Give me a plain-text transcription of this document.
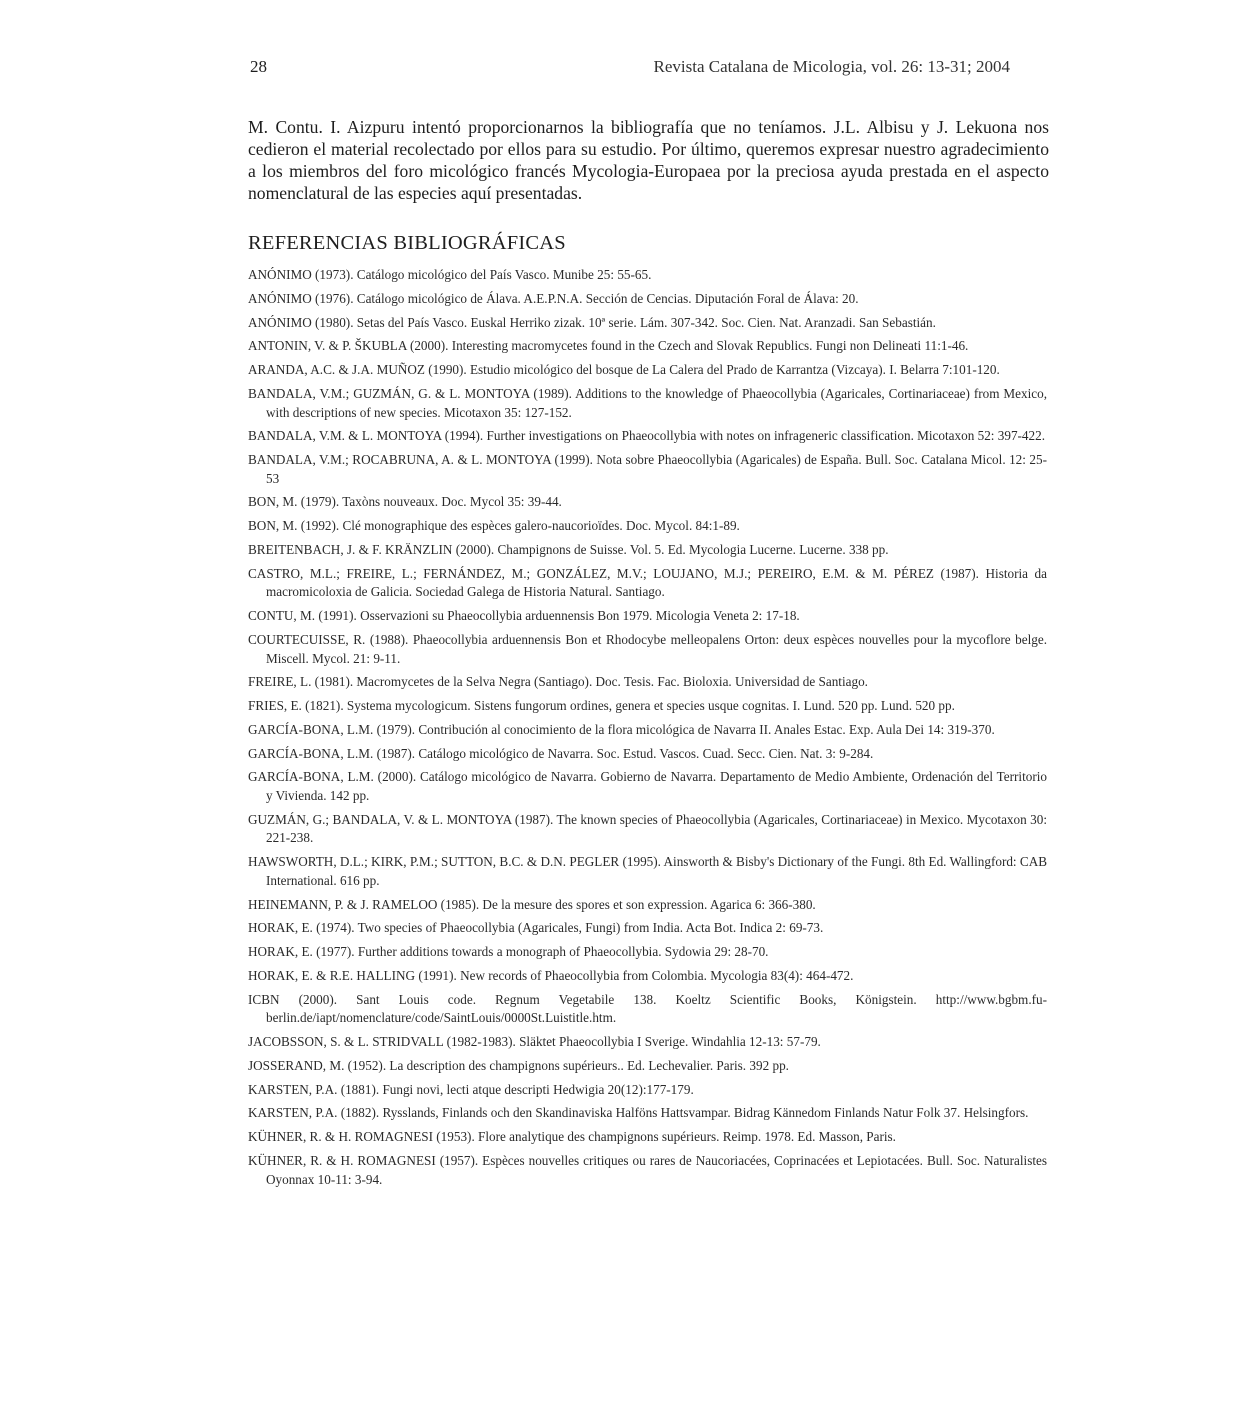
28	Revista Catalana de Micologia, vol. 26: 13-31; 2004

M. Contu. I. Aizpuru intentó proporcionarnos la bibliografía que no teníamos. J.L. Albisu y J. Lekuona nos cedieron el material recolectado por ellos para su estudio. Por último, queremos expresar nuestro agradecimiento a los miembros del foro micológico francés Mycologia-Europaea por la preciosa ayuda prestada en el aspecto nomenclatural de las especies aquí presentadas.

REFERENCIAS BIBLIOGRÁFICAS
ANÓNIMO (1973). Catálogo micológico del País Vasco. Munibe 25: 55-65.
ANÓNIMO (1976). Catálogo micológico de Álava. A.E.P.N.A. Sección de Cencias. Diputación Foral de Álava: 20.
ANÓNIMO (1980). Setas del País Vasco. Euskal Herriko zizak. 10ª serie. Lám. 307-342. Soc. Cien. Nat. Aranzadi. San Sebastián.
ANTONIN, V. & P. ŠKUBLA (2000). Interesting macromycetes found in the Czech and Slovak Republics. Fungi non Delineati 11:1-46.
ARANDA, A.C. & J.A. MUÑOZ (1990). Estudio micológico del bosque de La Calera del Prado de Karrantza (Vizcaya). I. Belarra 7:101-120.
BANDALA, V.M.; GUZMÁN, G. & L. MONTOYA (1989). Additions to the knowledge of Phaeocollybia (Agaricales, Cortinariaceae) from Mexico, with descriptions of new species. Micotaxon 35: 127-152.
BANDALA, V.M. & L. MONTOYA (1994). Further investigations on Phaeocollybia with notes on infrageneric classification. Micotaxon 52: 397-422.
BANDALA, V.M.; ROCABRUNA, A. & L. MONTOYA (1999). Nota sobre Phaeocollybia (Agaricales) de España. Bull. Soc. Catalana Micol. 12: 25-53
BON, M. (1979). Taxòns nouveaux. Doc. Mycol 35: 39-44.
BON, M. (1992). Clé monographique des espèces galero-naucorioïdes. Doc. Mycol. 84:1-89.
BREITENBACH, J. & F. KRÄNZLIN (2000). Champignons de Suisse. Vol. 5. Ed. Mycologia Lucerne. Lucerne. 338 pp.
CASTRO, M.L.; FREIRE, L.; FERNÁNDEZ, M.; GONZÁLEZ, M.V.; LOUJANO, M.J.; PEREIRO, E.M. & M. PÉREZ (1987). Historia da macromicoloxia de Galicia. Sociedad Galega de Historia Natural. Santiago.
CONTU, M. (1991). Osservazioni su Phaeocollybia arduennensis Bon 1979. Micologia Veneta 2: 17-18.
COURTECUISSE, R. (1988). Phaeocollybia arduennensis Bon et Rhodocybe melleopalens Orton: deux espèces nouvelles pour la mycoflore belge. Miscell. Mycol. 21: 9-11.
FREIRE, L. (1981). Macromycetes de la Selva Negra (Santiago). Doc. Tesis. Fac. Bioloxia. Universidad de Santiago.
FRIES, E. (1821). Systema mycologicum. Sistens fungorum ordines, genera et species usque cognitas. I. Lund. 520 pp. Lund. 520 pp.
GARCÍA-BONA, L.M. (1979). Contribución al conocimiento de la flora micológica de Navarra II. Anales Estac. Exp. Aula Dei 14: 319-370.
GARCÍA-BONA, L.M. (1987). Catálogo micológico de Navarra. Soc. Estud. Vascos. Cuad. Secc. Cien. Nat. 3: 9-284.
GARCÍA-BONA, L.M. (2000). Catálogo micológico de Navarra. Gobierno de Navarra. Departamento de Medio Ambiente, Ordenación del Territorio y Vivienda. 142 pp.
GUZMÁN, G.; BANDALA, V. & L. MONTOYA (1987). The known species of Phaeocollybia (Agaricales, Cortinariaceae) in Mexico. Mycotaxon 30: 221-238.
HAWSWORTH, D.L.; KIRK, P.M.; SUTTON, B.C. & D.N. PEGLER (1995). Ainsworth & Bisby's Dictionary of the Fungi. 8th Ed. Wallingford: CAB International. 616 pp.
HEINEMANN, P. & J. RAMELOO (1985). De la mesure des spores et son expression. Agarica 6: 366-380.
HORAK, E. (1974). Two species of Phaeocollybia (Agaricales, Fungi) from India. Acta Bot. Indica 2: 69-73.
HORAK, E. (1977). Further additions towards a monograph of Phaeocollybia. Sydowia 29: 28-70.
HORAK, E. & R.E. HALLING (1991). New records of Phaeocollybia from Colombia. Mycologia 83(4): 464-472.
ICBN (2000). Sant Louis code. Regnum Vegetabile 138. Koeltz Scientific Books, Königstein. http://www.bgbm.fu-berlin.de/iapt/nomenclature/code/SaintLouis/0000St.Luistitle.htm.
JACOBSSON, S. & L. STRIDVALL (1982-1983). Släktet Phaeocollybia I Sverige. Windahlia 12-13: 57-79.
JOSSERAND, M. (1952). La description des champignons supérieurs.. Ed. Lechevalier. Paris. 392 pp.
KARSTEN, P.A. (1881). Fungi novi, lecti atque descripti Hedwigia 20(12):177-179.
KARSTEN, P.A. (1882). Rysslands, Finlands och den Skandinaviska Halföns Hattsvampar. Bidrag Kännedom Finlands Natur Folk 37. Helsingfors.
KÜHNER, R. & H. ROMAGNESI (1953). Flore analytique des champignons supérieurs. Reimp. 1978. Ed. Masson, Paris.
KÜHNER, R. & H. ROMAGNESI (1957). Espèces nouvelles critiques ou rares de Naucoriacées, Coprinacées et Lepiotacées. Bull. Soc. Naturalistes Oyonnax 10-11: 3-94.
